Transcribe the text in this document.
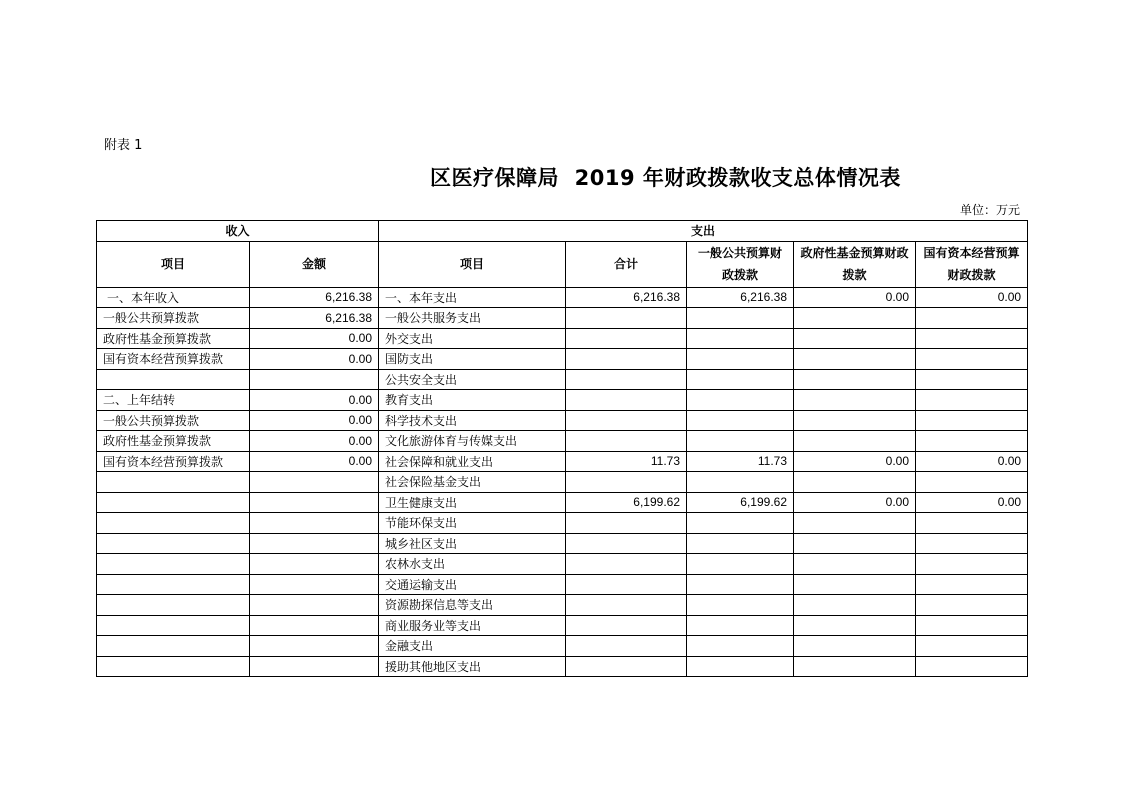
附表 1
区医疗保障局  2019 年财政拨款收支总体情况表
单位：万元
收入		支出				
项目	金额	项目	合计	一般公共预算财政拨款	政府性基金预算财政拨款	国有资本经营预算财政拨款
一、本年收入	6,216.38	一、本年支出	6,216.38	6,216.38	0.00	0.00
一般公共预算拨款	6,216.38	一般公共服务支出				
政府性基金预算拨款	0.00	外交支出				
国有资本经营预算拨款	0.00	国防支出				
		公共安全支出				
二、上年结转	0.00	教育支出				
一般公共预算拨款	0.00	科学技术支出				
政府性基金预算拨款	0.00	文化旅游体育与传媒支出				
国有资本经营预算拨款	0.00	社会保障和就业支出	11.73	11.73	0.00	0.00
		社会保险基金支出				
		卫生健康支出	6,199.62	6,199.62	0.00	0.00
		节能环保支出				
		城乡社区支出				
		农林水支出				
		交通运输支出				
		资源勘探信息等支出				
		商业服务业等支出				
		金融支出				
		援助其他地区支出				
